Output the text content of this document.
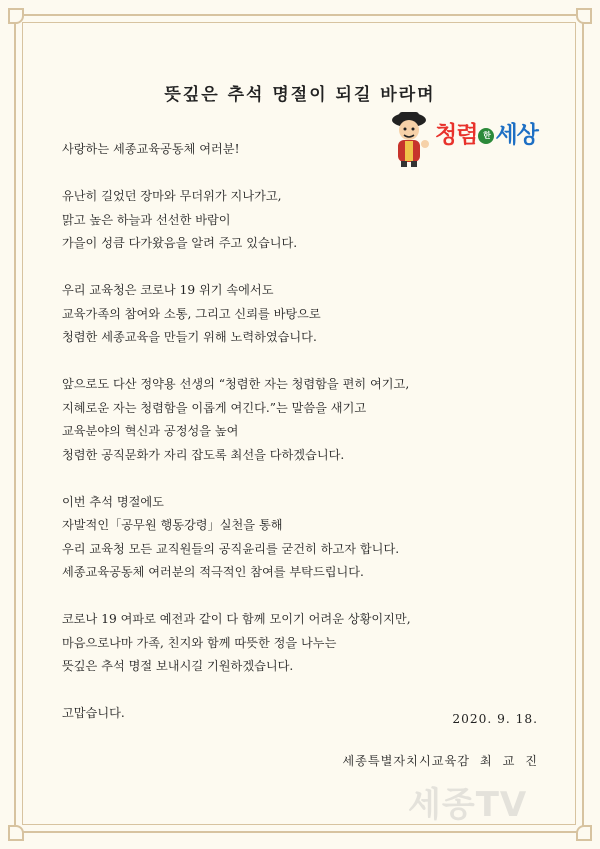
뜻깊은 추석 명절이 되길 바라며
청렴 한 세상

사랑하는 세종교육공동체 여러분!

유난히 길었던 장마와 무더위가 지나가고,

맑고 높은 하늘과 선선한 바람이

가을이 성큼 다가왔음을 알려 주고 있습니다.

우리 교육청은 코로나 19 위기 속에서도

교육가족의 참여와 소통, 그리고 신뢰를 바탕으로

청렴한 세종교육을 만들기 위해 노력하였습니다.

앞으로도 다산 정약용 선생의 “청렴한 자는 청렴함을 편히 여기고,

지혜로운 자는 청렴함을 이롭게 여긴다.”는 말씀을 새기고

교육분야의 혁신과 공정성을 높여

청렴한 공직문화가 자리 잡도록 최선을 다하겠습니다.

이번 추석 명절에도

자발적인「공무원 행동강령」실천을 통해

우리 교육청 모든 교직원들의 공직윤리를 굳건히 하고자 합니다.

세종교육공동체 여러분의 적극적인 참여를 부탁드립니다.

코로나 19 여파로 예전과 같이 다 함께 모이기 어려운 상황이지만,

마음으로나마 가족, 친지와 함께 따뜻한 정을 나누는

뜻깊은 추석 명절 보내시길 기원하겠습니다.

고맙습니다.	2020. 9. 18.
세종특별자치시교육감 최 교 진
세종TV
